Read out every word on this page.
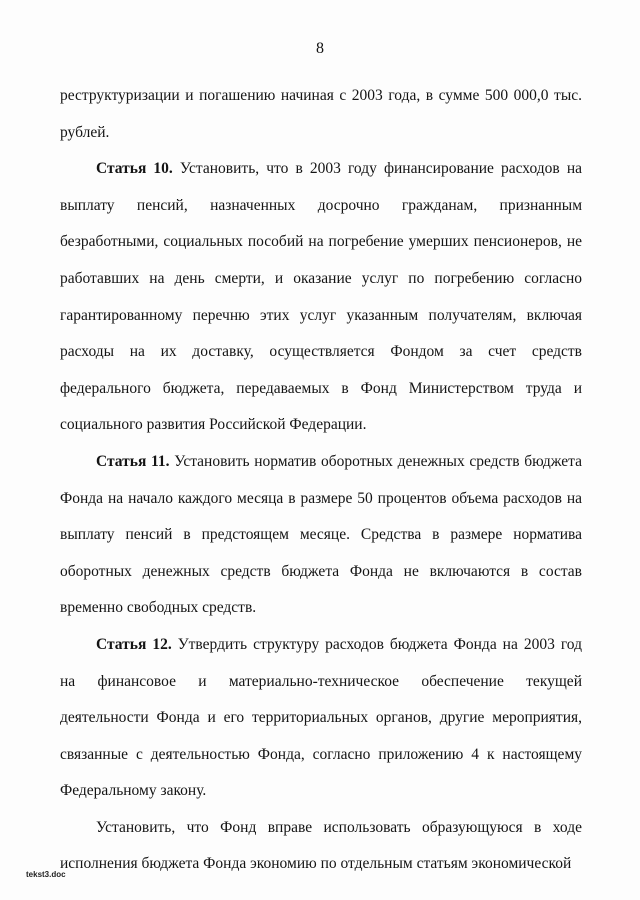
8

реструктуризации и погашению начиная с 2003 года, в сумме 500 000,0 тыс. рублей.

Статья 10. Установить, что в 2003 году финансирование расходов на выплату пенсий, назначенных досрочно гражданам, признанным безработными, социальных пособий на погребение умерших пенсионеров, не работавших на день смерти, и оказание услуг по погребению согласно гарантированному перечню этих услуг указанным получателям, включая расходы на их доставку, осуществляется Фондом за счет средств федерального бюджета, передаваемых в Фонд Министерством труда и социального развития Российской Федерации.

Статья 11. Установить норматив оборотных денежных средств бюджета Фонда на начало каждого месяца в размере 50 процентов объема расходов на выплату пенсий в предстоящем месяце. Средства в размере норматива оборотных денежных средств бюджета Фонда не включаются в состав временно свободных средств.

Статья 12. Утвердить структуру расходов бюджета Фонда на 2003 год на финансовое и материально-техническое обеспечение текущей деятельности Фонда и его территориальных органов, другие мероприятия, связанные с деятельностью Фонда, согласно приложению 4 к настоящему Федеральному закону.

Установить, что Фонд вправе использовать образующуюся в ходе исполнения бюджета Фонда экономию по отдельным статьям экономической

tekst3.doc
